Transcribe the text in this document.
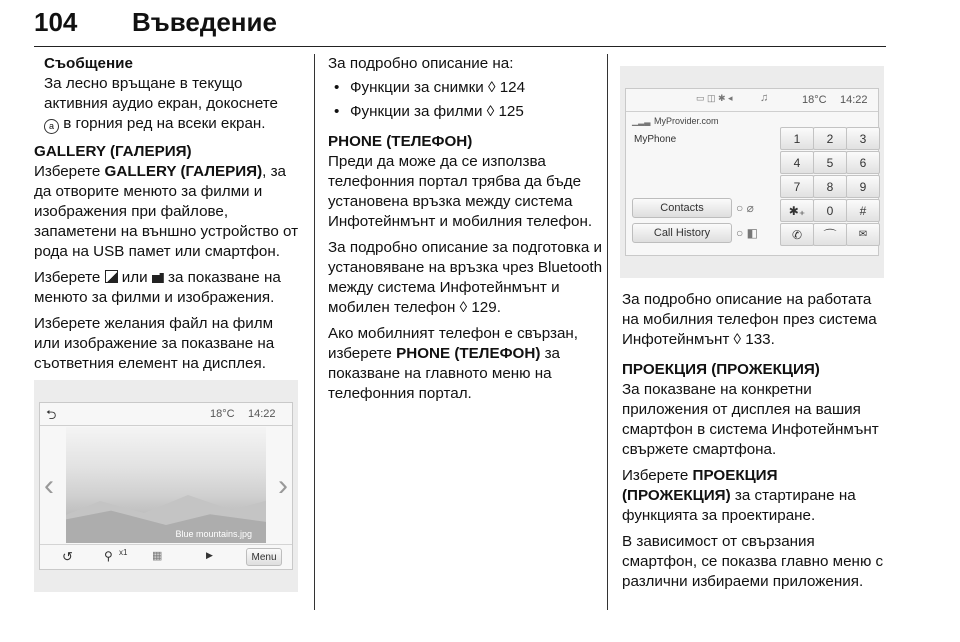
104 Въведение
Съобщение
За лесно връщане в текущо
активния аудио екран, докоснете
a в горния ред на всеки екран.
GALLERY (ГАЛЕРИЯ)

Изберете GALLERY (ГАЛЕРИЯ), за да отворите менюто за филми и изображения при файлове, запаметени на външно устройство от рода на USB памет или смартфон.

Изберете  или  за показване на менюто за филми и изображения.

Изберете желания файл на филм или изображение за показване на съответния елемент на дисплея.

⮌	18°C 14:22
Blue mountains.jpg
‹	›
↺	⚲ x1 ▦	▶	Menu

За подробно описание на:

• Функции за снимки ◊ 124
• Функции за филми ◊ 125
PHONE (ТЕЛЕФОН)

Преди да може да се използва телефонния портал трябва да бъде установена връзка между система Инфотейнмънт и мобилния телефон.

За подробно описание за подготовка и установяване на връзка чрез Bluetooth между система Инфотейнмънт и мобилен телефон ◊ 129.

Ако мобилният телефон е свързан, изберете PHONE (ТЕЛЕФОН) за показване на главното меню на телефонния портал.

▭ ◫ ✱ ◂ ♫	18°C 14:22
▁▂▃ MyProvider.com
MyPhone
Contacts
Call History
○ ⌀
○ ◧
1	2	3
4	5	6
7	8	9
✱₊	0	#
✆ ⌒ ✉

За подробно описание на работата на мобилния телефон през система Инфотейнмънт ◊ 133.

ПРОЕКЦИЯ (ПРОЖЕКЦИЯ)

За показване на конкретни приложения от дисплея на вашия смартфон в система Инфотейнмънт свържете смартфона.

Изберете ПРОЕКЦИЯ (ПРОЖЕКЦИЯ) за стартиране на функцията за проектиране.

В зависимост от свързания смартфон, се показва главно меню с различни избираеми приложения.
